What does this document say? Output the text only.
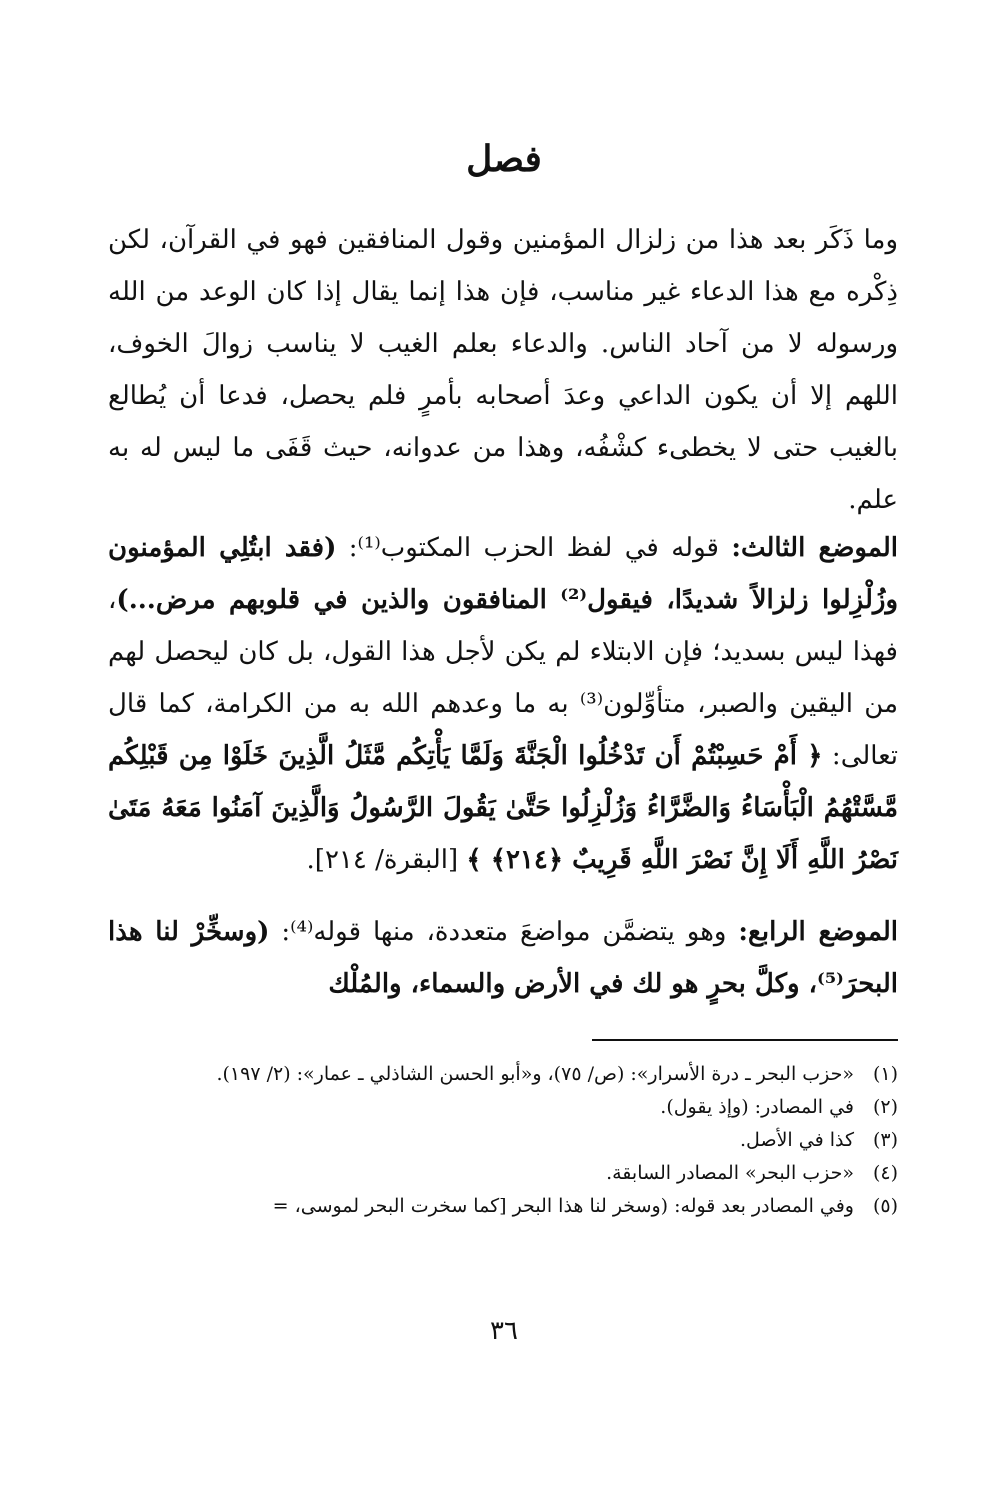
فصل

وما ذَكَر بعد هذا من زلزال المؤمنين وقول المنافقين فهو في القرآن، لكن ذِكْره مع هذا الدعاء غير مناسب، فإن هذا إنما يقال إذا كان الوعد من الله ورسوله لا من آحاد الناس. والدعاء بعلم الغيب لا يناسب زوالَ الخوف، اللهم إلا أن يكون الداعي وعدَ أصحابه بأمرٍ فلم يحصل، فدعا أن يُطالع بالغيب حتى لا يخطىء كشْفُه، وهذا من عدوانه، حيث قَفَى ما ليس له به علم.

الموضع الثالث: قوله في لفظ الحزب المكتوب⁽¹⁾: (فقد ابتُلِي المؤمنون وزُلْزِلوا زلزالاً شديدًا، فيقول⁽²⁾ المنافقون والذين في قلوبهم مرض...)، فهذا ليس بسديد؛ فإن الابتلاء لم يكن لأجل هذا القول، بل كان ليحصل لهم من اليقين والصبر، متأوِّلون⁽³⁾ به ما وعدهم الله به من الكرامة، كما قال تعالى: ﴿ أَمْ حَسِبْتُمْ أَن تَدْخُلُوا الْجَنَّةَ وَلَمَّا يَأْتِكُم مَّثَلُ الَّذِينَ خَلَوْا مِن قَبْلِكُم مَّسَّتْهُمُ الْبَأْسَاءُ وَالضَّرَّاءُ وَزُلْزِلُوا حَتَّىٰ يَقُولَ الرَّسُولُ وَالَّذِينَ آمَنُوا مَعَهُ مَتَىٰ نَصْرُ اللَّهِ أَلَا إِنَّ نَصْرَ اللَّهِ قَرِيبٌ ﴿٢١٤﴾ ﴾ [البقرة/ ٢١٤].

الموضع الرابع: وهو يتضمَّن مواضعَ متعددة، منها قوله⁽⁴⁾: (وسخِّرْ لنا هذا البحرَ⁽⁵⁾، وكلَّ بحرٍ هو لك في الأرض والسماء، والمُلْك

(١)
«حزب البحر ـ درة الأسرار»: (ص/ ٧٥)، و«أبو الحسن الشاذلي ـ عمار»: (٢/ ١٩٧).
(٢)
في المصادر: (وإذ يقول).
(٣)
كذا في الأصل.
(٤)
«حزب البحر» المصادر السابقة.
(٥)
وفي المصادر بعد قوله: (وسخر لنا هذا البحر [كما سخرت البحر لموسى، =
٣٦
